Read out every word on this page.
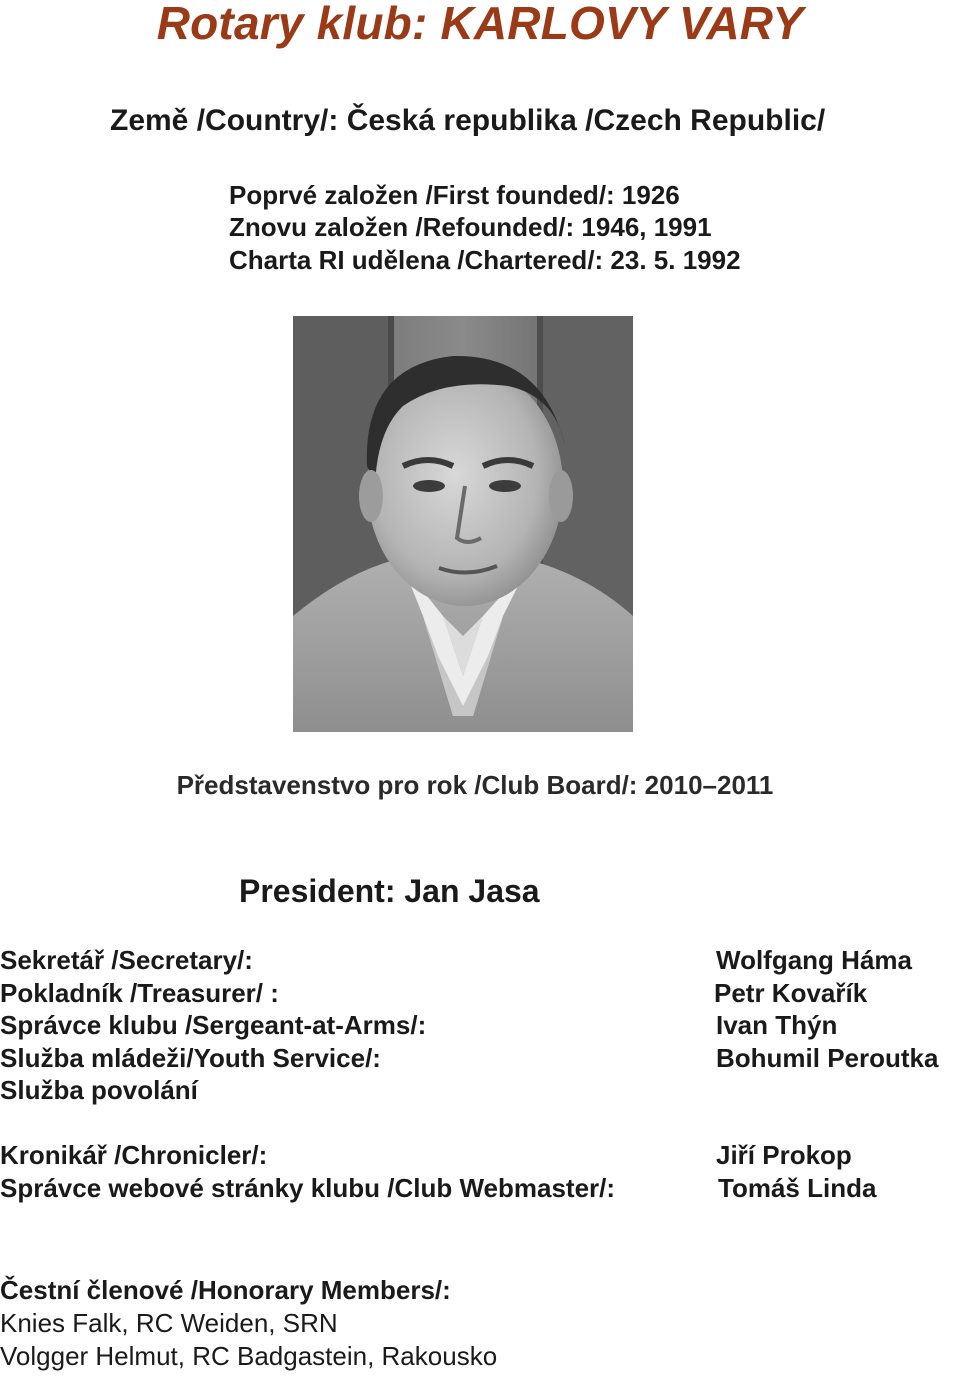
Rotary klub: KARLOVY VARY
Země /Country/: Česká republika /Czech Republic/
Poprvé založen /First founded/: 1926
Znovu založen /Refounded/: 1946, 1991
Charta RI udělena /Chartered/: 23. 5. 1992
Představenstvo pro rok /Club Board/: 2010–2011
President: Jan Jasa
Sekretář /Secretary/:	Wolfgang Háma
Pokladník /Treasurer/ :	Petr Kovařík
Správce klubu /Sergeant-at-Arms/:	Ivan Thýn
Služba mládeži/Youth Service/:	Bohumil Peroutka
Služba povolání
Kronikář /Chronicler/:	Jiří Prokop
Správce webové stránky klubu /Club Webmaster/:	Tomáš Linda
Čestní členové /Honorary Members/:
Knies Falk, RC Weiden, SRN
Volgger Helmut, RC Badgastein, Rakousko
